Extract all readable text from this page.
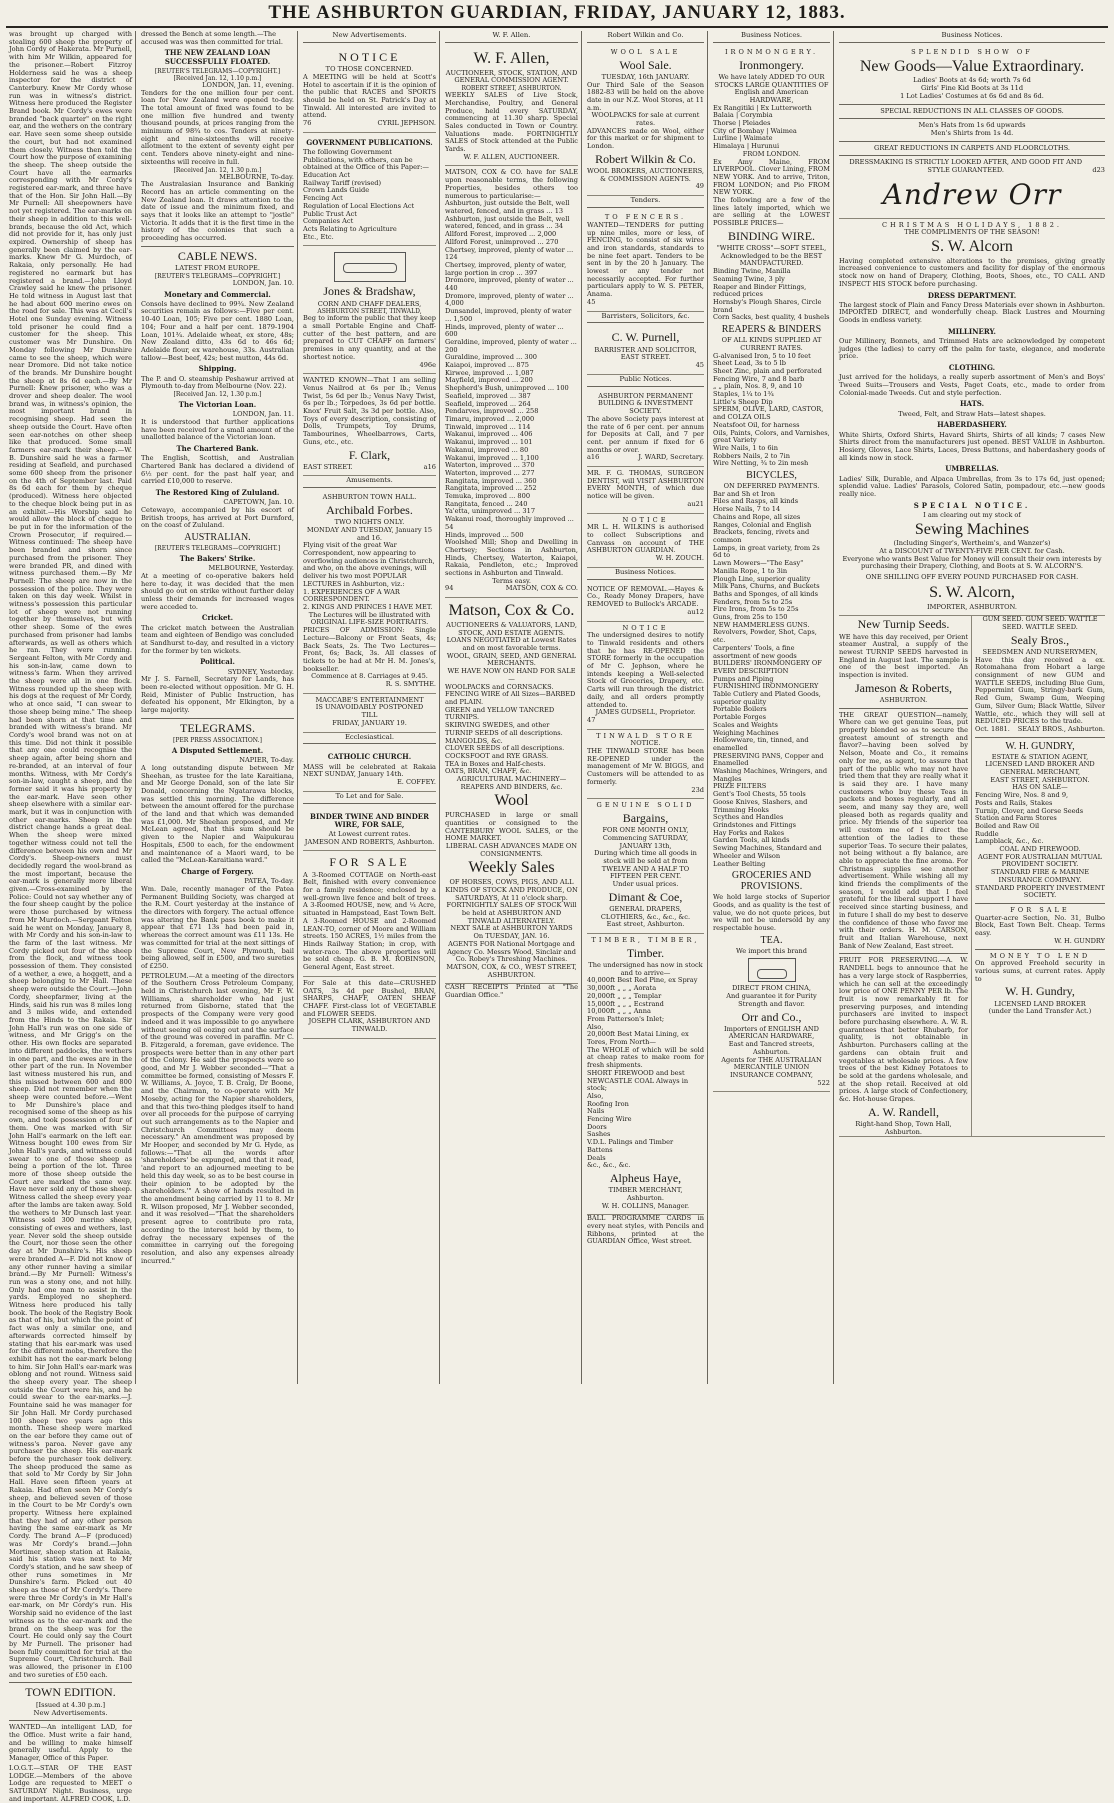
THE ASHBURTON GUARDIAN, FRIDAY, JANUARY 12, 1883.

was brought up charged with stealing 600 sheep the property of John Cordy of Hakerata. Mr Purnell, with him Mr Wilkin, appeared for the prisoner.—Robert Fitzroy Holderness said he was a sheep inspector for the district of Canterbury. Knew Mr Cordy whose run was in witness's district. Witness here produced the Register Brand book. Mr Cordy's ewes were branded "back quarter" on the right ear, and the wethers on the contrary ear. Have seen some sheep outside the court, but had not examined them closely. Witness then told the Court how the purpose of examining the sheep. The sheep outside the Court have all the earmarks corresponding with Mr Cordy's registered ear-mark, and three have that of the Hon. Sir John Hall.—By Mr Purnell: All sheepowners have not yet registered. The ear-marks on their sheep in addition to this well-brands, because the old Act, which did not provide for it, has only just expired. Ownership of sheep has generally been claimed by the ear-marks. Knew Mr G. Murdoch, of Rakaia, only personally. He had registered no earmark but has registered a brand.—John Lloyd Crawley said he knew the prisoner. He told witness in August last that he had about 600 merino ewes on the road for sale. This was at Cecil's Hotel one Sunday evening. Witness told prisoner he could find a customer for the sheep. This customer was Mr Dunshire. On Monday following Mr Dunshire came to see the sheep, which were near Dromore. Did not take notice of the brands. Mr Dunshire bought the sheep at 8s 6d each.—By Mr Purnell: Knew prisoner, who was a drover and sheep dealer. The wool brand was, in witness's opinion, the most important brand in recognising sheep. Had seen the sheep outside the Court. Have often seen ear-notches on other sheep like that produced. Some small farmers ear-mark their sheep.—W. B. Dunshire said he was a farmer residing at Seafield, and purchased some 600 sheep from the prisoner on the 4th of September last. Paid 8s 6d each for them by cheque (produced). Witness here objected to the cheque block being put in as an exhibit.—His Worship said he would allow the block of cheque to be put in for the information of the Crown Prosecutor, if required.—Witness continued: The sheep have been branded and shorn since purchased from the prisoner. They were branded PR, and dined with witness purchased them.—By Mr Purnell: The sheep are now in the possession of the police. They were taken on this day week. Whilst in witness's possession this particular lot of sheep were not running together by themselves, but with other sheep. Some of the ewes purchased from prisoner had lambs afterwards, as well as others which he ran. They were running. Sergeant Felton, with Mr Cordy and his son-in-law, came down to witness's farm. When they arrived the sheep were all in one flock. Witness rounded up the sheep with his dogs at the request of Mr Cordy, who at once said, "I can swear to those sheep being mine." The sheep had been shorn at that time and branded with witness's brand. Mr Cordy's wool brand was not on at this time. Did not think it possible that any one could recognise the sheep again, after being shorn and re-branded, at an interval of four months. Witness, with Mr Cordy's son-in-law, caught a sheep, and the former said it was his property by the ear-mark. Have seen other sheep elsewhere with a similar ear-mark, but it was in conjunction with other ear-marks. Sheep in the district change hands a great deal. When the sheep were mixed together witness could not tell the difference between his own and Mr Cordy's. Sheep-owners must decidedly regard the wool-brand as the most important, because the ear-mark is generally more liberal given.—Cross-examined by the Police: Could not say whether any of the four sheep caught by the police were those purchased by witness from Mr Murdoch.—Sergeant Felton said he went on Monday, January 8, with Mr Cordy and his son-in-law to the farm of the last witness. Mr Cordy picked out four of the sheep from the flock, and witness took possession of them. They consisted of a wether, a ewe, a hoggett, and a sheep belonging to Mr Hall. These sheep were outside the Court.—John Cordy, sheepfarmer, living at the Hinds, said his run was 8 miles long and 3 miles wide, and extended from the Hinds to the Rakaia. Sir John Hall's run was on one side of witness, and Mr Grigg's on the other. His own flocks are separated into different paddocks, the wethers in one part, and the ewes are in the other part of the run. In November last witness mustered his run, and this missed between 600 and 800 sheep. Did not remember when the sheep were counted before.—Went to Mr Dunshire's place and recognised some of the sheep as his own, and took possession of four of them. One was marked with Sir John Hall's earmark on the left ear. Witness bought 100 ewes from Sir John Hall's yards, and witness could swear to one of those sheep as being a portion of the lot. Three more of those sheep outside the Court are marked the same way. Have never sold any of those sheep. Witness called the sheep every year after the lambs are taken away. Sold the wethers to Mr Dunsch last year. Witness sold 300 merino sheep, consisting of ewes and wethers, last year. Never sold the sheep outside the Court, nor those seen the other day at Mr Dunshire's. His sheep were branded A—F. Did not know of any other runner having a similar brand.—By Mr Purnell: Witness's run was a stony one, and not hilly. Only had one man to assist in the yards. Employed no shepherd. Witness here produced his tally book. The book of the Registry Book as that of his, but which the point of fact was only a similar one, and afterwards corrected himself by stating that his ear-mark was used for the different mobs, therefore the exhibit has not the ear-mark belong to him. Sir John Hall's ear-mark was oblong and not round. Witness said the sheep every year. The sheep outside the Court were his, and he could swear to the ear-marks.—J. Fountaine said he was manager for Sir John Hall. Mr Cordy purchased 100 sheep two years ago this month. These sheep were marked on the ear before they came out of witness's paroa. Never gave any purchaser the sheep. His ear-mark before the purchaser took delivery. The sheep produced the same as that sold to Mr Cordy by Sir John Hall. Have seen fifteen years at Rakaia. Had often seen Mr Cordy's sheep, and believed seven of those in the Court to be Mr Cordy's own property. Witness here explained that they had of any other person having the same ear-mark as Mr Cordy. The brand A—F (produced) was Mr Cordy's brand.—John Mortimer, sheep station at Rakaia, said his station was next to Mr Cordy's station, and he saw sheep of other runs sometimes in Mr Dunshire's farm. Picked out 40 sheep as those of Mr Cordy's. There were three Mr Cordy's in Mr Hall's ear-mark, on Mr Cordy's run. His Worship said no evidence of the last witness as to the ear-mark and the brand on the sheep was for the Court. He could only say the Court by Mr Purnell. The prisoner had been fully committed for trial at the Supreme Court, Christchurch. Bail was allowed, the prisoner in £100 and two sureties of £50 each.

TOWN EDITION.
[Issued at 4.30 p.m.]
New Advertisements.

WANTED—An intelligent LAD, for the Office. Must write a fair hand, and be willing to make himself generally useful. Apply to the Manager, Office of this Paper.

I.O.G.T.—STAR OF THE EAST LODGE.—Members of the above Lodge are requested to MEET o SATURDAY Night. Business, urge and important. ALFRED COOK, L.D.

dressed the Bench at some length.—The accused was was then committed for trial.

THE NEW ZEALAND LOAN SUCCESSFULLY FLOATED.
[REUTER'S TELEGRAMS—COPYRIGHT.]
[Received Jan. 12, 1.10 p.m.]
LONDON, Jan. 11, evening.

Tenders for the one million four per cent. loan for New Zealand were opened to-day. The total amount of fixed was found to be one million five hundred and twenty thousand pounds, at prices ranging from the minimum of 98¾ to cos. Tenders at ninety-eight and nine-sixteenths will receive allotment to the extent of seventy eight per cent. Tenders above ninety-eight and nine-sixteenths will receive in full.

[Received Jan. 12, 1.30 p.m.]
MELBOURNE, To-day.

The Australasian Insurance and Banking Record has an article commenting on the New Zealand loan. It draws attention to the date of issue and the minimum fixed, and says that it looks like an attempt to "jostle" Victoria. It adds that it is the first time in the history of the colonies that such a proceeding has occurred.

CABLE NEWS.
LATEST FROM EUROPE.
[REUTER'S TELEGRAMS—COPYRIGHT.]
LONDON, Jan. 10.
Monetary and Commercial.

Consols have declined to 99¾. New Zealand securities remain as follows:—Five per cent. 10-40 Loan, 105; Five per cent. 1880 Loan, 104; Four and a half per cent. 1879-1904 Loan, 101¾. Adelaide wheat, ex store, 48s; New Zealand ditto, 43s 6d to 46s 6d; Adelaide flour, ex warehouse, 33s. Australian tallow—Best beef, 42s; best mutton, 44s 6d.

Shipping.

The P. and O. steamship Peshawur arrived at Plymouth to-day from Melbourne (Nov. 22).

[Received Jan. 12, 1.30 p.m.]
The Victorian Loan.
LONDON, Jan. 11.

It is understood that further applications have been received for a small amount of the unallotted balance of the Victorian loan.

The Chartered Bank.

The English, Scottish, and Australian Chartered Bank has declared a dividend of 6½ per cent. for the past half year, and carried £10,000 to reserve.

The Restored King of Zululand.
CAPETOWN, Jan. 10.

Cetewayo, accompanied by his escort of British troops, has arrived at Port Durnford, on the coast of Zululand.

AUSTRALIAN.
[REUTER'S TELEGRAMS—COPYRIGHT.]
The Bakers' Strike.
MELBOURNE, Yesterday.

At a meeting of co-operative bakers held here to-day, it was decided that the men should go out on strike without further delay unless their demands for increased wages were acceded to.

Cricket.

The cricket match between the Australian team and eighteen of Bendigo was concluded at Sandhurst to-day, and resulted in a victory for the former by ten wickets.

Political.
SYDNEY, Yesterday.

Mr J. S. Farnell, Secretary for Lands, has been re-elected without opposition. Mr G. H. Reid, Minister of Public Instruction, has defeated his opponent, Mr Elkington, by a large majority.

TELEGRAMS.
[PER PRESS ASSOCIATION.]
A Disputed Settlement.
NAPIER, To-day.

A long outstanding dispute between Mr Sheehan, as trustee for the late Karaitiana, and Mr George Donald, son of the late Sir Donald, concerning the Ngatarawa blocks, was settled this morning. The difference between the amount offered for the purchase of the land and that which was demanded was £1,000. Mr Sheehan proposed, and Mr McLean agreed, that this sum should be given to the Napier and Waipukurau Hospitals, £500 to each, for the endowment and maintenance of a Maori ward, to be called the "McLean-Karaitiana ward."

Charge of Forgery.
PATEA, To-day.

Wm. Dale, recently manager of the Patea Permanent Building Society, was charged at the R.M. Court yesterday at the instance of the directors with forgery. The actual offence was altering the Bank pass book to make it appear that £71 13s had been paid in, whereas the correct amount was £11 13s. He was committed for trial at the next sittings of the Supreme Court, New Plymouth, bail being allowed, self in £500, and two sureties of £250.

PETROLEUM.—At a meeting of the directors of the Southern Cross Petroleum Company, held in Christchurch last evening, Mr F. W. Williams, a shareholder who had just returned from Gisborne, stated that the prospects of the Company were very good indeed and it was impossible to go anywhere without seeing oil oozing out and the surface of the ground was covered in paraffin. Mr C. B. Fitzgerald, a foreman, gave evidence. The prospects were better than in any other part of the Colony. He said the prospects were so good, and Mr J. Webber seconded—"That a committee be formed, consisting of Messrs F. W. Williams, A. Joyce, T. B. Craig, Dr Boone, and the Chairman, to co-operate with Mr Moseby, acting for the Napier shareholders, and that this two-thing pledges itself to hand over all proceeds for the purpose of carrying out such arrangements as to the Napier and Christchurch Committees may deem necessary." An amendment was proposed by Mr Hooper, and seconded by Mr G. Hyde, as follows:—"That all the words after 'shareholders' be expunged, and that it read, 'and report to an adjourned meeting to be held this day week, so as to be best course in their opinion to be adopted by the shareholders.'" A show of hands resulted in the amendment being carried by 11 to 8. Mr R. Wilson proposed, Mr J. Webber seconded, and it was resolved—"That the shareholders present agree to contribute pro rata, according to the interest held by them, to defray the necessary expenses of the committee in carrying out the foregoing resolution, and also any expenses already incurred."

New Advertisements.
NOTICE
TO THOSE CONCERNED.

A MEETING will be held at Scott's Hotel to ascertain if it is the opinion of the public that RACES and SPORTS should be held on St. Patrick's Day at Tinwald. All interested are invited to attend.

76	CYRIL JEPHSON.
GOVERNMENT PUBLICATIONS.
The following Government Publications, with others, can be obtained at the Office of this Paper:—
Education Act
Railway Tariff (revised)
Crown Lands Guide
Fencing Act
Regulation of Local Elections Act
Public Trust Act
Companies Act
Acts Relating to Agriculture
Etc., Etc.
Jones & Bradshaw,
CORN AND CHAFF DEALERS,
ASHBURTON STREET, TINWALD,

Beg to inform the public that they keep a small Portable Engine and Chaff-cutter of the best pattern, and are prepared to CUT CHAFF on farmers' premises in any quantity, and at the shortest notice.

496e

WANTED KNOWN—That I am selling Venus Nailrod at 6s per lb.; Venus Twist, 5s 6d per lb.; Venus Navy Twist, 6s per lb.; Torpedoes, 3s 6d per bottle. Knox' Fruit Salt, 3s 3d per bottle. Also, Toys of every description, consisting of Dolls, Trumpets, Toy Drums, Tambourines, Wheelbarrows, Carts, Guns, etc., etc.

F. Clark,
EAST STREET.	a16
Amusements.
ASHBURTON TOWN HALL.
Archibald Forbes.
TWO NIGHTS ONLY.
MONDAY AND TUESDAY, January 15 and 16.
Flying visit of the great War Correspondent, now appearing to overflowing audiences in Christchurch, and who, on the above evenings, will deliver his two most POPULAR LECTURES in Ashburton, viz.:
1. EXPERIENCES OF A WAR CORRESPONDENT.
2. KINGS AND PRINCES I HAVE MET.
The Lectures will be illustrated with ORIGINAL LIFE-SIZE PORTRAITS.

PRICES OF ADMISSION: Single Lecture—Balcony or Front Seats, 4s; Back Seats, 2s. The Two Lectures—Front, 6s; Back, 3s. All classes of tickets to be had at Mr H. M. Jones's, bookseller.

Commence at 8. Carriages at 9.45.
R. S. SMYTHE.
MACCABE'S ENTERTAINMENT
IS UNAVOIDABLY POSTPONED
TILL
FRIDAY, JANUARY 19.
Ecclesiastical.
CATHOLIC CHURCH.

MASS will be celebrated at Rakaia NEXT SUNDAY, January 14th.

E. COFFEY.
To Let and for Sale.
BINDER TWINE AND BINDER WIRE, FOR SALE,
At Lowest current rates.
JAMESON AND ROBERTS, Ashburton.
FOR SALE

A 3-Roomed COTTAGE on North-east Belt, finished with every convenience for a family residence; enclosed by a well-grown live fence and belt of trees. A 3-Roomed HOUSE, new, and ¼ Acre, situated in Hampstead, East Town Belt. A 3-Roomed HOUSE and 2-Roomed LEAN-TO, corner of Moore and William streets. 150 ACRES, 1½ miles from the Hinds Railway Station; in crop, with water-race. The above properties will be sold cheap. G. B. M. ROBINSON, General Agent, East street.

For Sale at this date—CRUSHED OATS, 3s 4d per Bushel, BRAN, SHARPS, CHAFF, OATEN SHEAF CHAFF. First-class lot of VEGETABLE and FLOWER SEEDS.

JOSEPH CLARK, ASHBURTON AND TINWALD.
W. F. Allen.
W. F. Allen,
AUCTIONEER, STOCK, STATION, AND GENERAL COMMISSION AGENT.
ROBERT STREET, ASHBURTON.

WEEKLY SALES of Live Stock, Merchandise, Poultry, and General Produce, held every SATURDAY, commencing at 11.30 sharp. Special Sales conducted in Town or Country. Valuations made. FORTNIGHTLY SALES of Stock attended at the Public Yards.

W. F. ALLEN, AUCTIONEER.

MATSON, COX & CO. have for SALE upon reasonable terms, the following Properties, besides others too numerous to particularise:—

Ashburton, just outside the Belt, well watered, fenced, and in grass ... 13
Ashburton, just outside the Belt, well watered, fenced, and in grass ... 34
Allford Forest, improved ... 2,000
Allford Forest, unimproved ... 270
Chertsey, improved, plenty of water ... 124
Chertsey, improved, plenty of water, large portion in crop ... 397
Dromore, improved, plenty of water ... 440
Dromore, improved, plenty of water ... 4,000
Dunsandel, improved, plenty of water ... 1,500
Hinds, improved, plenty of water ... 600
Geraldine, improved, plenty of water ... 200
Guraldine, improved ... 300
Kaiapoi, improved ... 875
Kirwee, improved ... 1,087
Mayfield, improved ... 200
Shepherd's Bush, unimproved ... 100
Seafield, improved ... 387
Seafield, improved ... 264
Pendarves, improved ... 258
Timaru, improved ... 2,000
Tinwald, improved ... 114
Wakanui, improved ... 406
Wakanui, improved ... 101
Wakanui, improved ... 80
Wakanui, improved ... 1,100
Waterton, improved ... 370
Waterton, improved ... 277
Rangitata, improved ... 360
Rangitata, improved ... 252
Temuka, improved ... 800
Rangitata, fenced ... 240
Ya'etta, unimproved ... 317
Wakanui road, thoroughly improved ... 54
Hinds, improved ... 500

Woolshed Mill; Shop and Dwelling in Chertsey; Sections in Ashburton, Hinds, Chertsey, Waterton, Kaiapoi, Rakaia, Pendleton, etc.; Improved sections in Ashburton and Tinwald.

Terms easy.
94	MATSON, COX & CO.
Matson, Cox & Co.
AUCTIONEERS & VALUATORS, LAND, STOCK, AND ESTATE AGENTS.
LOANS NEGOTIATED at Lowest Rates and on most favorable terms.
WOOL, GRAIN, SEED, AND GENERAL MERCHANTS.
WE HAVE NOW ON HAND FOR SALE—
WOOLPACKS and CORNSACKS.
FENCING WIRE of All Sizes—BARBED and PLAIN.
GREEN and YELLOW TANCRED TURNIPS.
SKIRVING SWEDES, and other TURNIP SEEDS of all descriptions.
MANGOLDS, &c.
CLOVER SEEDS of all descriptions.
COCKSFOOT and RYE GRASS.
TEA in Boxes and Half-chests.
OATS, BRAN, CHAFF, &c.
AGRICULTURAL MACHINERY—REAPERS AND BINDERS, &c.
Wool

PURCHASED in large or small quantities or consigned to the CANTERBURY WOOL SALES, or the HOME MARKET.

LIBERAL CASH ADVANCES MADE ON CONSIGNMENTS.
Weekly Sales
OF HORSES, COWS, PIGS, AND ALL KINDS OF STOCK AND PRODUCE, ON SATURDAYS, At 11 o'clock sharp.
FORTNIGHTLY SALES OF STOCK Will be held at ASHBURTON AND TINWALD ALTERNATELY.
NEXT SALE at ASHBURTON YARDS On TUESDAY, JAN. 16.
AGENTS FOR National Mortgage and Agency Co. Messrs Wood, Sinclair and Co. Robey's Threshing Machines.
MATSON, COX, & CO., WEST STREET, ASHBURTON.

CASH RECEIPTS Printed at "The Guardian Office."

Robert Wilkin and Co.
WOOL SALE
Wool Sale.
TUESDAY, 16th JANUARY.

Our Third Sale of the Season 1882-83 will be held on the above date in our N.Z. Wool Stores, at 11 a.m.

WOOLPACKS for sale at current rates.

ADVANCES made on Wool, either for this market or for shipment to London.

Robert Wilkin & Co.
WOOL BROKERS, AUCTIONEERS, & COMMISSION AGENTS.
49
Tenders.
TO FENCERS.

WANTED—TENDERS for putting up nine miles, more or less, of FENCING, to consist of six wires and iron standards, standards to be nine feet apart. Tenders to be sent in by the 20 h January. The lowest or any tender not necessarily accepted. For further particulars apply to W. S. PETER, Anama.

45
Barristers, Solicitors, &c.
C. W. Purnell,
BARRISTER AND SOLICITOR, EAST STREET.
45
Public Notices.
ASHBURTON PERMANENT BUILDING & INVESTMENT SOCIETY.

The above Society pays interest at the rate of 6 per cent. per annum for Deposits at Call, and 7 per cent. per annum if fixed for 6 months or over.

a16	J. WARD, Secretary.

MR. F. G. THOMAS, SURGEON DENTIST, will VISIT ASHBURTON EVERY MONTH, of which due notice will be given.

au21
NOTICE

MR L. H. WILKINS is authorised to collect Subscriptions and Canvass on account of THE ASHBURTON GUARDIAN.

W. H. ZOUCH.
Business Notices.

NOTICE OF REMOVAL.—Hayes & Co., Ready Money Drapers, have REMOVED to Bullock's ARCADE.

au12
NOTICE

The undersigned desires to notify to Tinwald residents and others that he has RE-OPENED the STORE formerly in the occupation of Mr C. Jephson, where he intends keeping a Well-selected Stock of Groceries, Drapery, etc. Carts will run through the district daily, and all orders promptly attended to.

JAMES GUDSELL, Proprietor.
47
TINWALD STORE
NOTICE.

THE TINWALD STORE has been RE-OPENED under the management of Mr W. BIGGS, and Customers will be attended to as formerly.

23d
GENUINE SOLID
Bargains,
FOR ONE MONTH ONLY,
Commencing SATURDAY, JANUARY 13th,
During which time all goods in stock will be sold at from
TWELVE AND A HALF TO FIFTEEN PER CENT.
Under usual prices.
Dimant & Coe,
GENERAL DRAPERS, CLOTHIERS, &c., &c., &c.
East street, Ashburton.
TIMBER, TIMBER,
Timber.
The undersigned has now in stock and to arrive—
40,000ft Best Red Pine, ex Spray
30,000ft „ „ „ Aorata
20,000ft „ „ „ Templar
15,000ft „ „ „ Ecstrand
10,000ft „ „ „ Anna
From Patterson's Inlet;
Also,
20,000ft Best Matai Lining, ex Tores, From North—

The WHOLE of which will be sold at cheap rates to make room for fresh shipments.

SHORT FIREWOOD and best NEWCASTLE COAL Always in stock;
Also,
Roofing Iron
Nails
Fencing Wire
Doors
Sashes
V.D.L. Palings and Timber
Battens
Deals
&c., &c., &c.
Alpheus Haye,
TIMBER MERCHANT,
Ashburton.
W. H. COLLINS, Manager.

BALL PROGRAMME CARDS in every neat styles, with Pencils and Ribbons, printed at the GUARDIAN Office, West street.

Business Notices.
IRONMONGERY.
Ironmongery.
We have lately ADDED TO OUR STOCKS LARGE QUANTITIES OF English and American HARDWARE,
Ex Rangitiki | Ex Lutterworth
Balaia | Corymbia
Thorse | Pleiades
City of Bombay | Waimea
Lurline | Waimate
Himalaya | Hurunui
FROM LONDON.

Ex Amy Maine, FROM LIVERPOOL. Clover Lining, FROM NEW YORK. And to arrive, Triton, FROM LONDON; and Pio FROM NEW YORK.

The following are a few of the lines lately imported, which we are selling at the LOWEST POSSIBLE PRICES—

BINDING WIRE.
"WHITE CROSS"—SOFT STEEL,
Acknowledged to be the BEST MANUFACTURED.
Binding Twine, Manilla
Seaming Twine, 3 ply
Reaper and Binder Fittings, reduced prices
Hornsby's Plough Shares, Circle brand
Corn Sacks, best quality, 4 bushels
REAPERS & BINDERS
OF ALL KINDS SUPPLIED AT CURRENT RATES.
G-alvanised Iron, 5 to 10 feet
Sheet Lead, 3s to 5 lb
Sheet Zinc, plain and perforated
Fencing Wire, 7 and 8 barb
„ „ plain, Nos. 8, 9, and 10
Staples, 1¼ to 1¾
Little's Sheep Dip
SPERM, OLIVE, LARD, CASTOR, and COLZA OILS
Neatsfoot Oil, for harness
Oils, Paints, Colors, and Varnishes, great Variety
Wire Nails, 1 to 6in
Robbers Nails, 2 to 7in
Wire Netting, ¾ to 2in mesh
BICYCLES,
ON DEFERRED PAYMENTS.
Bar and Sh et Iron
Files and Rasps, all kinds
Horse Nails, 7 to 14
Chains and Rope, all sizes
Ranges, Colonial and English
Brackets, fencing, rivets and common
Lamps, in great variety, from 2s 6d to
Lawn Mowers—"The Easy"
Manilla Rope, 1 to 3in
Plough Line, superior quality
Milk Pans, Churns, and Buckets
Baths and Sponges, of all kinds
Fenders, from 5s to 25s
Fire Irons, from 5s to 25s
Guns, from 25s to 150
NEW HAMMERLESS GUNS.
Revolvers, Powder, Shot, Caps, etc.
Carpenters' Tools, a fine assortment of new goods
BUILDERS' IRONMONGERY OF EVERY DESCRIPTION
Pumps and Piping
FURNISHING IRONMONGERY
Table Cutlery and Plated Goods, superior quality
Portable Boilers
Portable Forges
Scales and Weights
Weighing Machines
Hollowware, tin, tinned, and enamelled
PRESERVING PANS, Copper and Enamelled
Washing Machines, Wringers, and Mangles
PRIZE FILTERS
Gent's Tool Chests, 55 tools
Goose Knives, Slashers, and Trimming Hooks
Scythes and Handles
Grindstones and Fittings
Hay Forks and Rakes
Garden Tools, all kinds
Sewing Machines, Standard and Wheeler and Wilson
Leather Belting
GROCERIES AND PROVISIONS.

We hold large stocks of Superior Goods, and as quality is the test of value, we do not quote prices, but we will not be undersold by any respectable house.

TEA.
We import this brand
DIRECT FROM CHINA,
And guarantee it for Purity Strength and flavor.
Orr and Co.,
Importers of ENGLISH AND AMERICAN HARDWARE,
East and Tancred streets, Ashburton.
Agents for THE AUSTRALIAN MERCANTILE UNION INSURANCE COMPANY,
522
Business Notices.
SPLENDID SHOW OF
New Goods—Value Extraordinary.
Ladies' Boots at 4s 6d; worth 7s 6d
Girls' Fine Kid Boots at 3s 11d
1 Lot Ladies' Costumes at 6s 6d and 8s 6d.
SPECIAL REDUCTIONS IN ALL CLASSES OF GOODS.
Men's Hats from 1s 6d upwards
Men's Shirts from 1s 4d.
GREAT REDUCTIONS IN CARPETS AND FLOORCLOTHS.
DRESSMAKING IS STRICTLY LOOKED AFTER, AND GOOD FIT AND STYLE GUARANTEED.	d23
Andrew Orr
CHRISTMAS HOLIDAYS, 1882.
THE COMPLIMENTS OF THE SEASON!
S. W. Alcorn

Having completed extensive alterations to the premises, giving greatly increased convenience to customers and facility for display of the enormous stock now on hand of Drapery, Clothing, Boots, Shoes, etc., TO CALL AND INSPECT HIS STOCK before purchasing.

DRESS DEPARTMENT.

The largest stock of Plain and Fancy Dress Materials ever shown in Ashburton. IMPORTED DIRECT, and wonderfully cheap. Black Lustres and Mourning Goods in endless variety.

MILLINERY.

Our Millinery, Bonnets, and Trimmed Hats are acknowledged by competent judges (the ladies) to carry off the palm for taste, elegance, and moderate price.

CLOTHING.

Just arrived for the holidays, a really superb assortment of Men's and Boys' Tweed Suits—Trousers and Vests, Paget Coats, etc., made to order from Colonial-made Tweeds. Cut and style perfection.

HATS.
Tweed, Felt, and Straw Hats—latest shapes.
HABERDASHERY.

White Shirts, Oxford Shirts, Havard Shirts, Shirts of all kinds; 7 cases New Shirts direct from the manufacturers just opened. BEST VALUE in Ashburton. Hosiery, Gloves, Lace Shirts, Laces, Dress Buttons, and haberdashery goods of all kinds now in stock.

UMBRELLAS.

Ladies' Silk, Durable, and Alpaca Umbrellas, from 3s to 17s 6d, just opened; splendid value. Ladies' Parasols, Colored Satin, pompadour, etc.—new goods really nice.

SPECIAL NOTICE.
I am clearing out my stock of
Sewing Machines
(Including Singer's, Wertheim's, and Wanzer's)
At a DISCOUNT of TWENTY-FIVE PER CENT. for Cash.

Everyone who wants Best Value for Money will consult their own interests by purchasing their Drapery, Clothing, and Boots at S. W. ALCORN'S.

ONE SHILLING OFF EVERY POUND PURCHASED FOR CASH.
S. W. Alcorn,
IMPORTER, ASHBURTON.
New Turnip Seeds.

WE have this day received, per Orient steamer Austral, a supply of the newest TURNIP SEEDS harvested in England in August last. The sample is one of the best imported. An inspection is invited.

Jameson & Roberts,
ASHBURTON.

THE GREAT QUESTION—namely, Where can we get genuine Teas, put properly blended so as to secure the greatest amount of strength and flavor?—having been solved by Nelson, Moate and Co., it remains only for me, as agent, to assure that part of the public who may not have tried them that they are really what it is said they are. I have many customers who buy these Teas in packets and boxes regularly, and all seem, and many say they are, well pleased both as regards quality and price. My friends of the superior tea will custom me of I direct the attention of the ladies to these superior Teas. To secure their palates, not being without a fly balance, are able to appreciate the fine aroma. For Christmas supplies see another advertisement. While wishing all my kind friends the compliments of the season, I would add that I feel grateful for the liberal support I have received since starting business, and in future I shall do my best to deserve the confidence of those who favor me with their orders. H. M. CARSON, fruit and Italian Warehouse, next Bank of New Zealand, East street.

FRUIT FOR PRESERVING.—A. W. RANDELL begs to announce that he has a very large stock of Raspberries, which he can sell at the exceedingly low price of ONE PENNY PER lb. The fruit is now remarkably fit for preserving purposes, and intending purchasers are invited to inspect before purchasing elsewhere. A. W. R. guarantees that better Rhubarb, for quality, is not obtainable in Ashburton. Purchasers calling at the gardens can obtain fruit and vegetables at wholesale prices. A few trees of the best Kidney Potatoes to be sold at the gardens wholesale, and at the shop retail. Received at old prices. A large stock of Confectionery, &c. Hot-house Grapes.

A. W. Randell,
Right-hand Shop, Town Hall, Ashburton.
GUM SEED. GUM SEED. WATTLE SEED. WATTLE SEED.
Sealy Bros.,
SEEDSMEN AND NURSERYMEN,

Have this day received a ex. Rotomahana from Hobart a large consignment of new GUM and WATTLE SEEDS, including Blue Gum, Peppermint Gum, Stringy-bark Gum, Red Gum, Swamp Gum, Weeping Gum, Silver Gum; Black Wattle, Silver Wattle, etc., which they will sell at REDUCED PRICES to the trade.

Oct. 1881. SEALY BROS., Ashburton.
W. H. GUNDRY,
ESTATE & STATION AGENT, LICENSED LAND BROKER AND GENERAL MERCHANT,
EAST STREET, ASHBURTON.
HAS ON SALE—
Fencing Wire, Nos. 8 and 9,
Posts and Rails, Stakes
Turnip, Clover, and Gorse Seeds
Station and Farm Stores
Boiled and Raw Oil
Ruddle
Lampblack, &c., &c.
COAL AND FIREWOOD.
AGENT FOR AUSTRALIAN MUTUAL PROVIDENT SOCIETY.
STANDARD FIRE & MARINE INSURANCE COMPANY.
STANDARD PROPERTY INVESTMENT SOCIETY.
FOR SALE

Quarter-acre Section, No. 31, Bulbo Block, East Town Belt. Cheap. Terms easy.

W. H. GUNDRY
MONEY TO LEND

On approved Freehold security in various sums, at current rates. Apply to

W. H. Gundry,
LICENSED LAND BROKER
(under the Land Transfer Act.)
